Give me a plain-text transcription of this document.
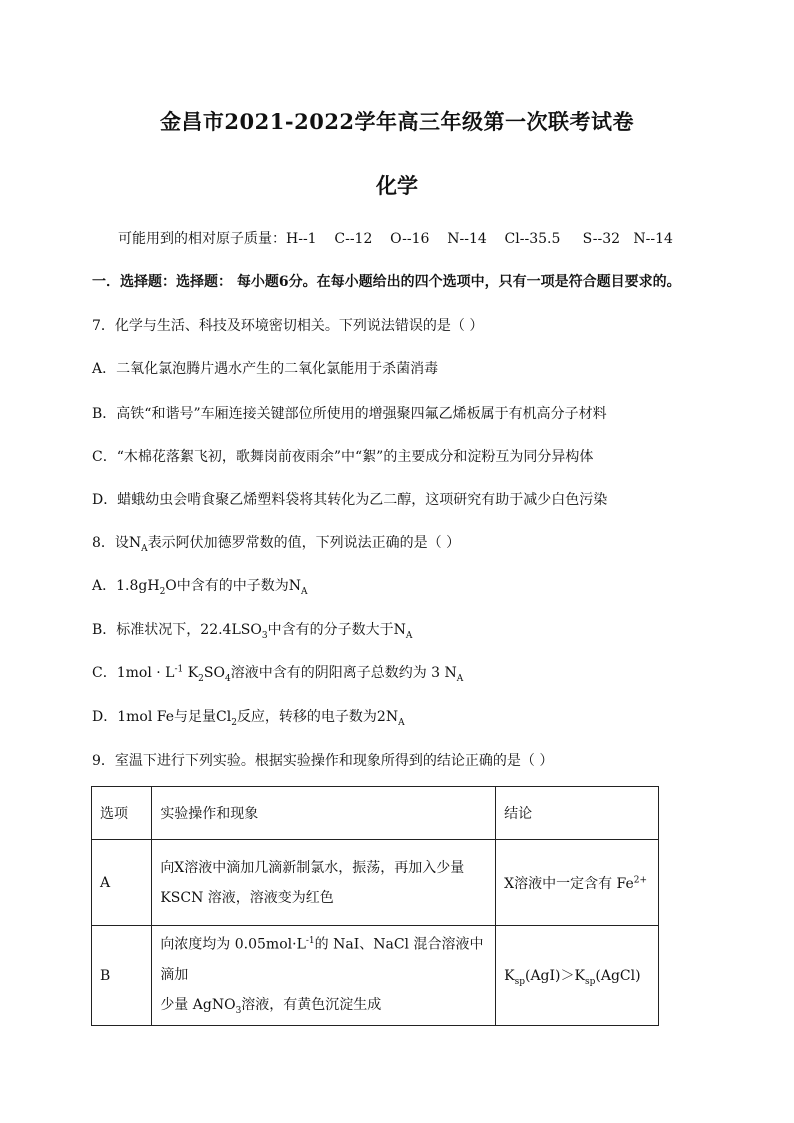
金昌市2021-2022学年高三年级第一次联考试卷
化学
可能用到的相对原子质量：H--1    C--12    O--16    N--14    Cl--35.5     S--32   N--14
一．选择题：选择题： 每小题6分。在每小题给出的四个选项中，只有一项是符合题目要求的。
7．化学与生活、科技及环境密切相关。下列说法错误的是（ ）
A．二氧化氯泡腾片遇水产生的二氧化氯能用于杀菌消毒
B．高铁“和谐号”车厢连接关键部位所使用的增强聚四氟乙烯板属于有机高分子材料
C．“木棉花落絮飞初，歌舞岗前夜雨余”中“絮”的主要成分和淀粉互为同分异构体
D．蜡蛾幼虫会啃食聚乙烯塑料袋将其转化为乙二醇，这项研究有助于减少白色污染
8．设$N_A$表示阿伏加德罗常数的值，下列说法正确的是（ ）
A．$1.8gH_2O$中含有的中子数为$N_A$
B．标准状况下，$22.4LSO_3$中含有的分子数大于$N_A$
C．$1mol \cdot L^{-1}$ $K_2SO_4$溶液中含有的阴阳离子总数约为 3 $N_A$
D．1mol Fe与足量$Cl_2$反应，转移的电子数为$2N_A$
9．室温下进行下列实验。根据实验操作和现象所得到的结论正确的是（ ）
选项	实验操作和现象	结论
A	向X溶液中滴加几滴新制氯水，振荡，再加入少量
KSCN 溶液，溶液变为红色	X溶液中一定含有 $Fe^{2+}$
B	向浓度均为 $0.05mol\cdot L^{-1}$的 NaI、NaCl 混合溶液中滴加
少量 AgNO$_3$溶液，有黄色沉淀生成	$K_{sp}(AgI)>K_{sp}(AgCl)$
